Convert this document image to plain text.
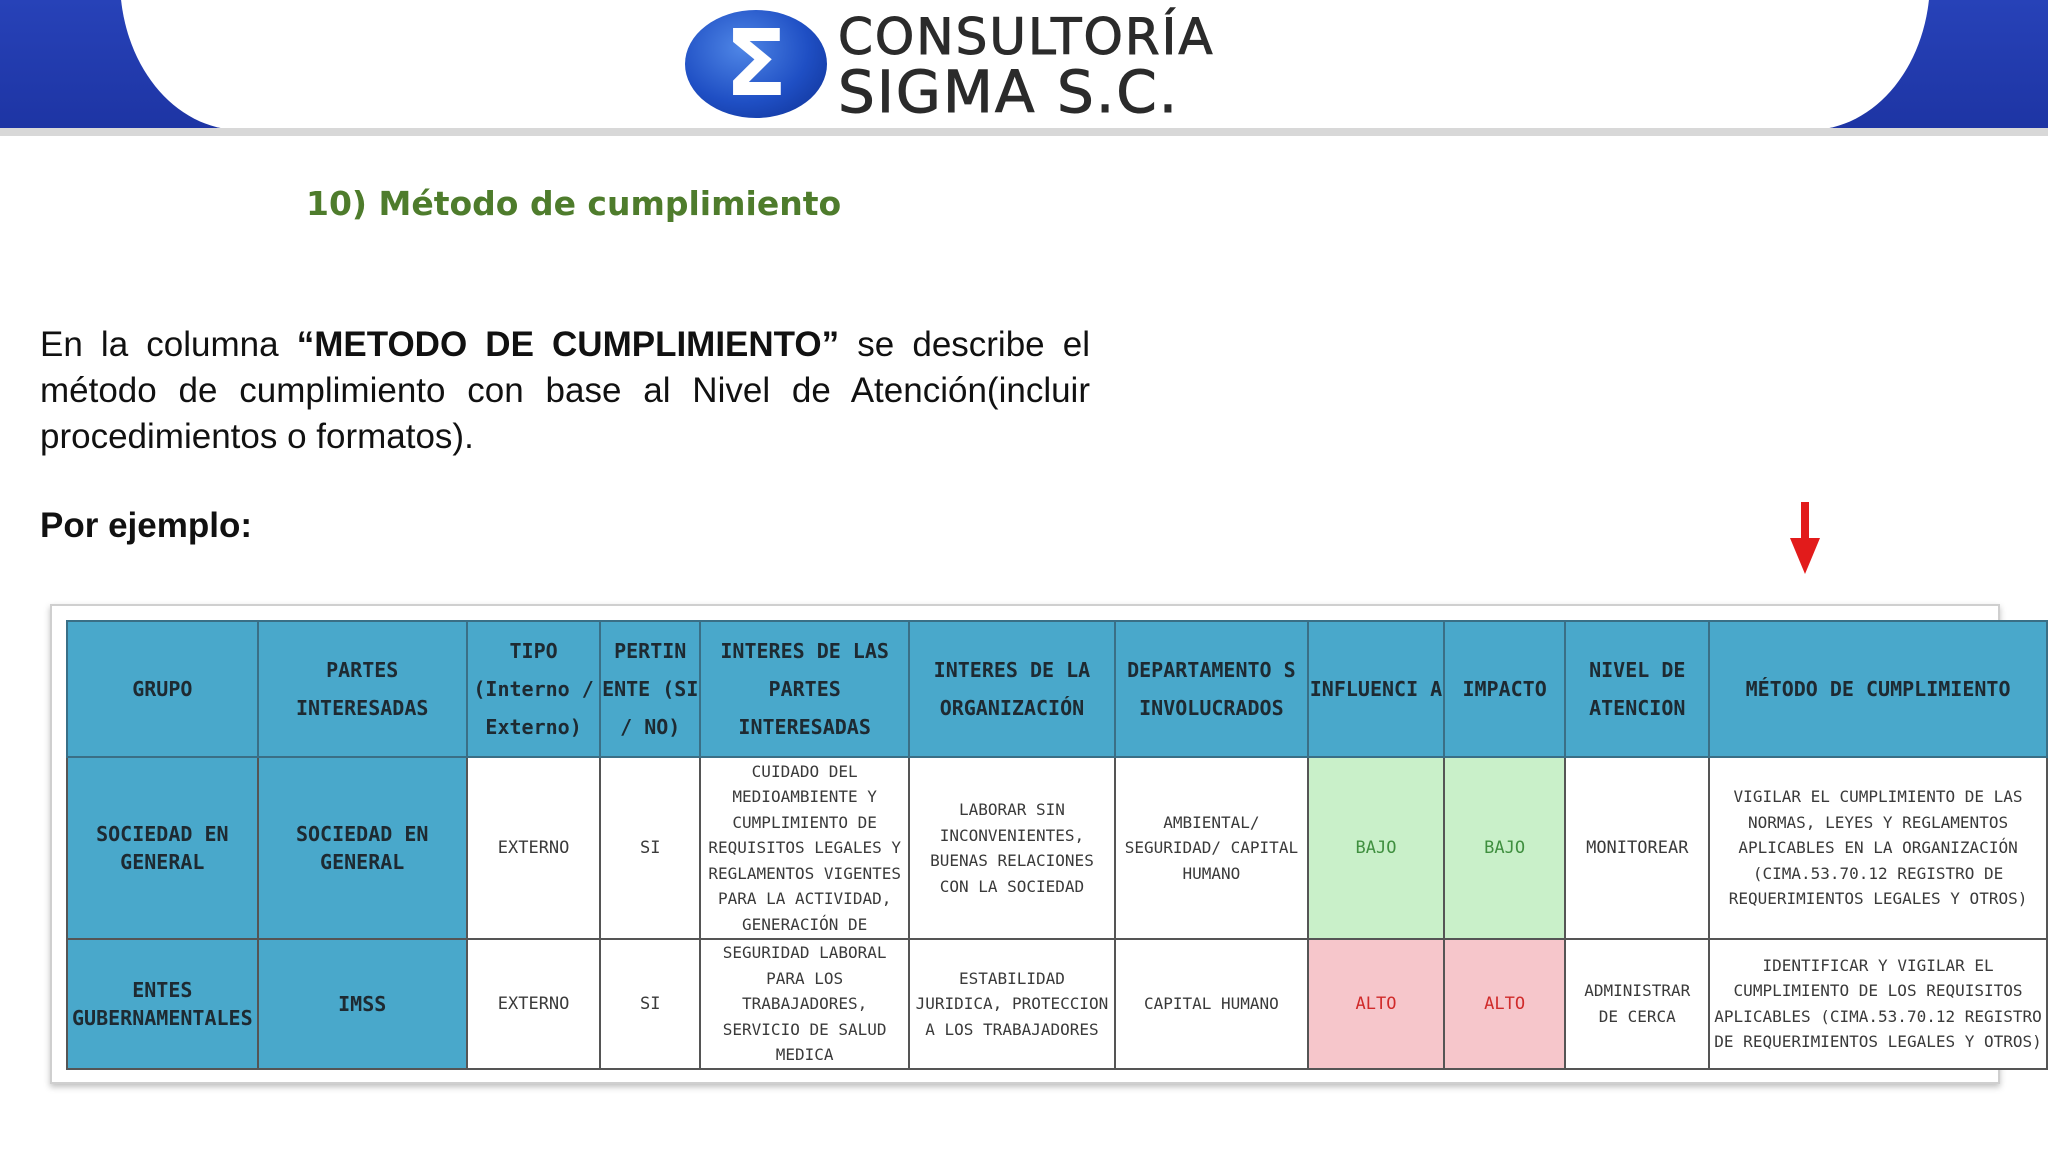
Σ	CONSULTORÍA
SIGMA S.C.
10) Método de cumplimiento
En la columna “METODO DE CUMPLIMIENTO” se describe el método de cumplimiento con base al Nivel de Atención(incluir procedimientos o formatos).
Por ejemplo:
GRUPO	PARTES INTERESADAS	TIPO (Interno / Externo)	PERTIN ENTE (SI / NO)	INTERES DE LAS PARTES INTERESADAS	INTERES DE LA ORGANIZACIÓN	DEPARTAMENTO S INVOLUCRADOS	INFLUENCI A	IMPACTO	NIVEL DE ATENCION	MÉTODO DE CUMPLIMIENTO
SOCIEDAD EN GENERAL	SOCIEDAD EN GENERAL	EXTERNO	SI	CUIDADO DEL MEDIOAMBIENTE Y CUMPLIMIENTO DE REQUISITOS LEGALES Y REGLAMENTOS VIGENTES PARA LA ACTIVIDAD, GENERACIÓN DE	LABORAR SIN INCONVENIENTES, BUENAS RELACIONES CON LA SOCIEDAD	AMBIENTAL/ SEGURIDAD/ CAPITAL HUMANO	BAJO	BAJO	MONITOREAR	VIGILAR EL CUMPLIMIENTO DE LAS NORMAS, LEYES Y REGLAMENTOS APLICABLES EN LA ORGANIZACIÓN (CIMA.53.70.12 REGISTRO DE REQUERIMIENTOS LEGALES Y OTROS)
ENTES GUBERNAMENTALES	IMSS	EXTERNO	SI	SEGURIDAD LABORAL PARA LOS TRABAJADORES, SERVICIO DE SALUD MEDICA	ESTABILIDAD JURIDICA, PROTECCION A LOS TRABAJADORES	CAPITAL HUMANO	ALTO	ALTO	ADMINISTRAR DE CERCA	IDENTIFICAR Y VIGILAR EL CUMPLIMIENTO DE LOS REQUISITOS APLICABLES (CIMA.53.70.12 REGISTRO DE REQUERIMIENTOS LEGALES Y OTROS)
